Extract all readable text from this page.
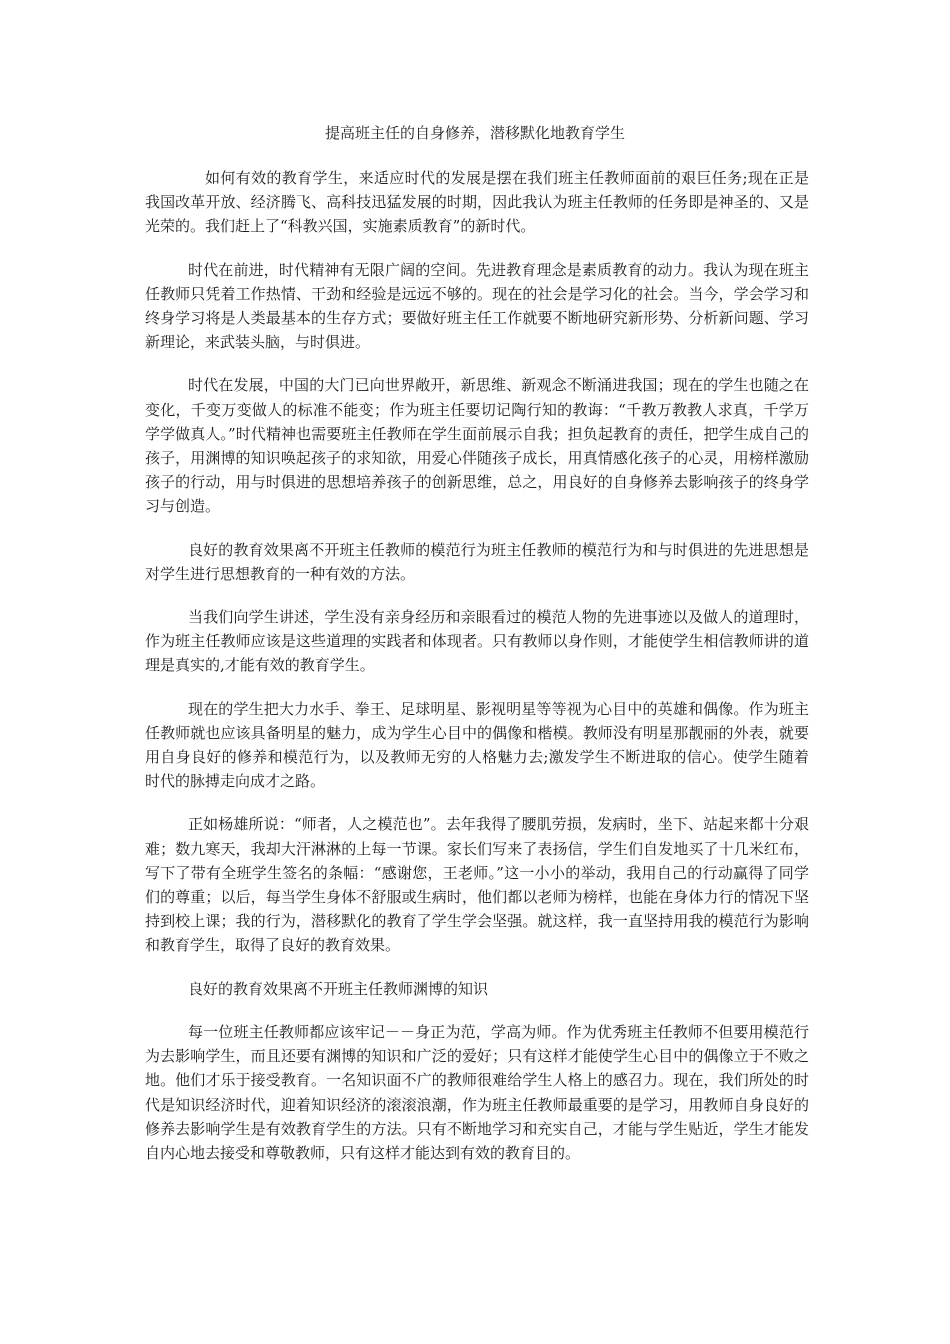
提高班主任的自身修养，潜移默化地教育学生

如何有效的教育学生，来适应时代的发展是摆在我们班主任教师面前的艰巨任务;现在正是我国改革开放、经济腾飞、高科技迅猛发展的时期，因此我认为班主任教师的任务即是神圣的、又是光荣的。我们赶上了“科教兴国，实施素质教育”的新时代。

时代在前进，时代精神有无限广阔的空间。先进教育理念是素质教育的动力。我认为现在班主任教师只凭着工作热情、干劲和经验是远远不够的。现在的社会是学习化的社会。当今，学会学习和终身学习将是人类最基本的生存方式；要做好班主任工作就要不断地研究新形势、分析新问题、学习新理论，来武装头脑，与时俱进。

时代在发展，中国的大门已向世界敞开，新思维、新观念不断涌进我国；现在的学生也随之在变化，千变万变做人的标准不能变；作为班主任要切记陶行知的教诲：“千教万教教人求真，千学万学学做真人。”时代精神也需要班主任教师在学生面前展示自我；担负起教育的责任，把学生成自己的孩子，用渊博的知识唤起孩子的求知欲，用爱心伴随孩子成长，用真情感化孩子的心灵，用榜样激励孩子的行动，用与时俱进的思想培养孩子的创新思维，总之，用良好的自身修养去影响孩子的终身学习与创造。

良好的教育效果离不开班主任教师的模范行为班主任教师的模范行为和与时俱进的先进思想是对学生进行思想教育的一种有效的方法。

当我们向学生讲述，学生没有亲身经历和亲眼看过的模范人物的先进事迹以及做人的道理时，作为班主任教师应该是这些道理的实践者和体现者。只有教师以身作则，才能使学生相信教师讲的道理是真实的,才能有效的教育学生。

现在的学生把大力水手、拳王、足球明星、影视明星等等视为心目中的英雄和偶像。作为班主任教师就也应该具备明星的魅力，成为学生心目中的偶像和楷模。教师没有明星那靓丽的外表，就要用自身良好的修养和模范行为，以及教师无穷的人格魅力去;激发学生不断进取的信心。使学生随着时代的脉搏走向成才之路。

正如杨雄所说：“师者，人之模范也”。去年我得了腰肌劳损，发病时，坐下、站起来都十分艰难；数九寒天，我却大汗淋淋的上每一节课。家长们写来了表扬信，学生们自发地买了十几米红布，写下了带有全班学生签名的条幅：“感谢您，王老师。”这一小小的举动，我用自己的行动赢得了同学们的尊重；以后，每当学生身体不舒服或生病时，他们都以老师为榜样，也能在身体力行的情况下坚持到校上课；我的行为，潜移默化的教育了学生学会坚强。就这样，我一直坚持用我的模范行为影响和教育学生，取得了良好的教育效果。

良好的教育效果离不开班主任教师渊博的知识

每一位班主任教师都应该牢记－－身正为范，学高为师。作为优秀班主任教师不但要用模范行为去影响学生，而且还要有渊博的知识和广泛的爱好；只有这样才能使学生心目中的偶像立于不败之地。他们才乐于接受教育。一名知识面不广的教师很难给学生人格上的感召力。现在，我们所处的时代是知识经济时代，迎着知识经济的滚滚浪潮，作为班主任教师最重要的是学习，用教师自身良好的修养去影响学生是有效教育学生的方法。只有不断地学习和充实自己，才能与学生贴近，学生才能发自内心地去接受和尊敬教师，只有这样才能达到有效的教育目的。
